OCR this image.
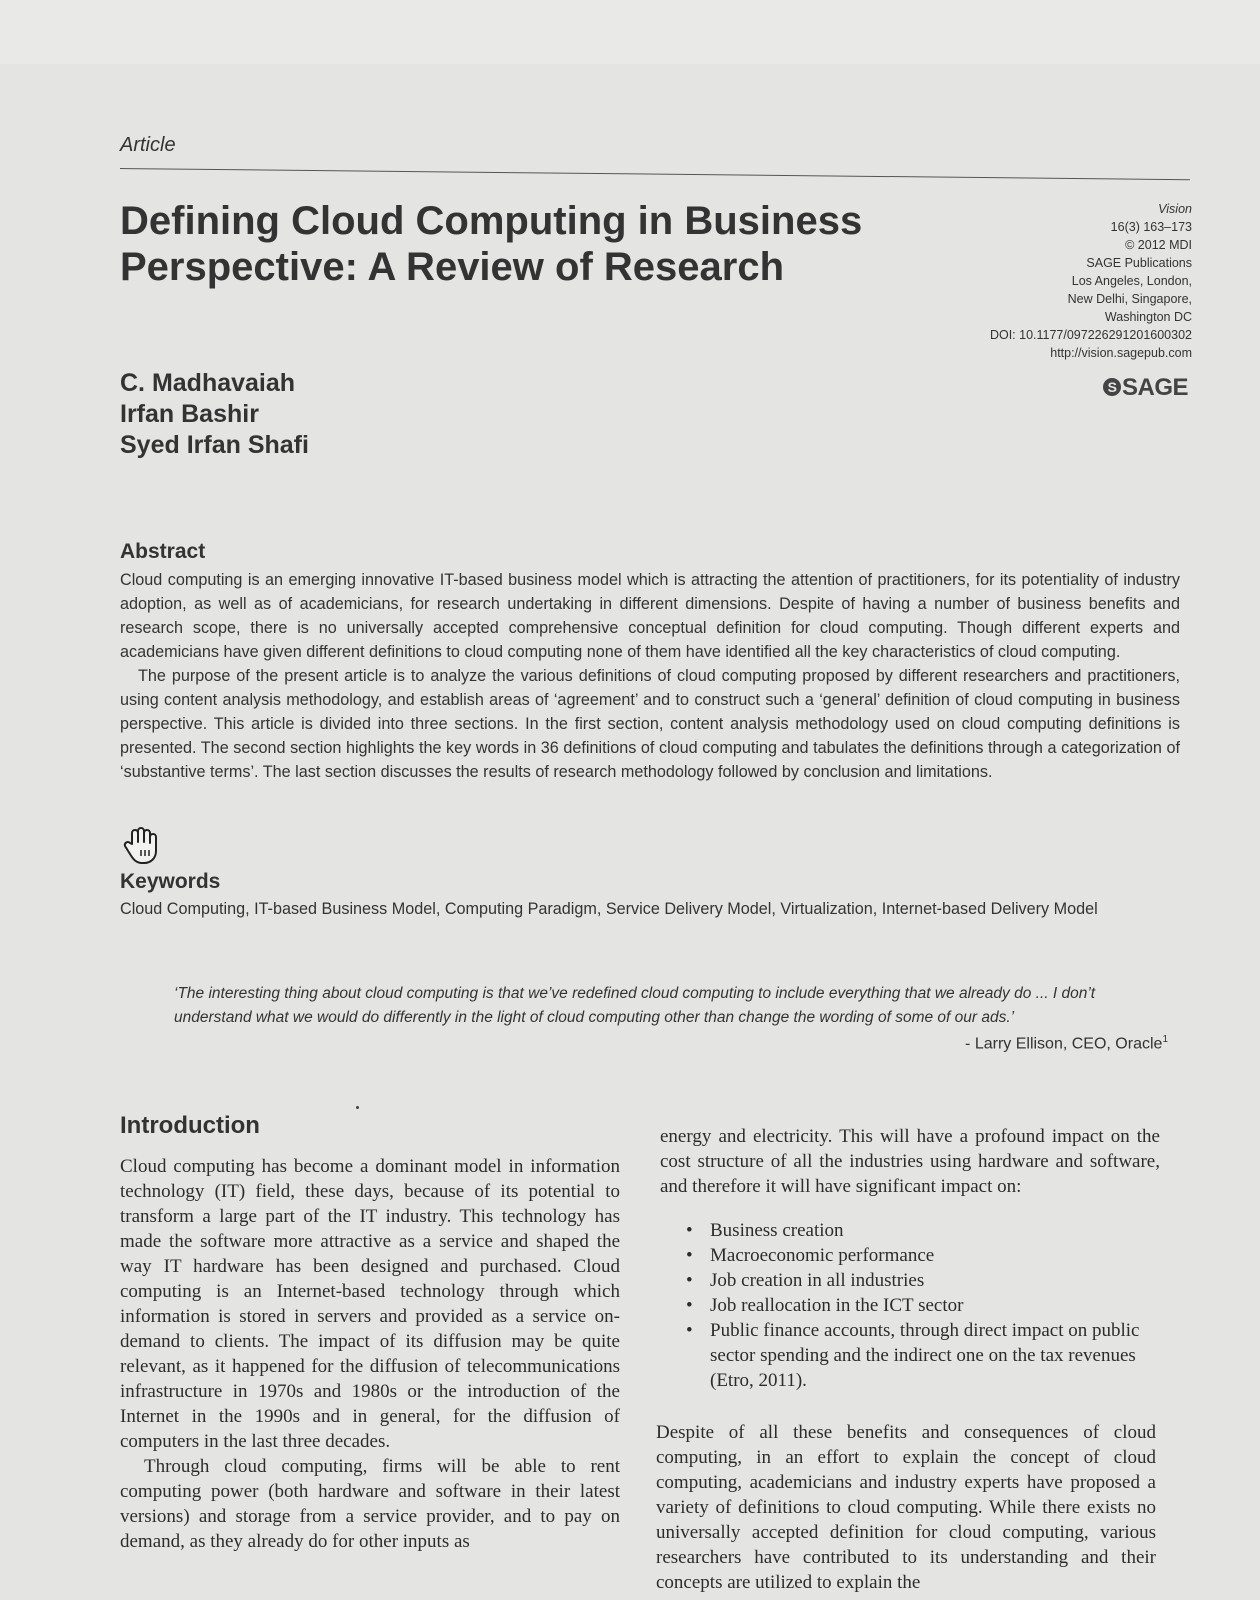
Article
Defining Cloud Computing in Business
Perspective: A Review of Research
Vision
16(3) 163–173
© 2012 MDI
SAGE Publications
Los Angeles, London,
New Delhi, Singapore,
Washington DC
DOI: 10.1177/097226291201600302
http://vision.sagepub.com
S SAGE
C. Madhavaiah
Irfan Bashir
Syed Irfan Shafi
Abstract

Cloud computing is an emerging innovative IT-based business model which is attracting the attention of practitioners, for its potentiality of industry adoption, as well as of academicians, for research undertaking in different dimensions. Despite of having a number of business benefits and research scope, there is no universally accepted comprehensive conceptual definition for cloud computing. Though different experts and academicians have given different definitions to cloud computing none of them have identified all the key characteristics of cloud computing.

The purpose of the present article is to analyze the various definitions of cloud computing proposed by different researchers and practitioners, using content analysis methodology, and establish areas of ‘agreement’ and to construct such a ‘general’ definition of cloud computing in business perspective. This article is divided into three sections. In the first section, content analysis methodology used on cloud computing definitions is presented. The second section highlights the key words in 36 definitions of cloud computing and tabulates the definitions through a categorization of ‘substantive terms’. The last section discusses the results of research methodology followed by conclusion and limitations.

Keywords
Cloud Computing, IT-based Business Model, Computing Paradigm, Service Delivery Model, Virtualization, Internet-based Delivery Model
‘The interesting thing about cloud computing is that we’ve redefined cloud computing to include everything that we already do ... I don’t understand what we would do differently in the light of cloud computing other than change the wording of some of our ads.’
- Larry Ellison, CEO, Oracle$^1$
Introduction

Cloud computing has become a dominant model in information technology (IT) field, these days, because of its potential to transform a large part of the IT industry. This technology has made the software more attractive as a service and shaped the way IT hardware has been designed and purchased. Cloud computing is an Internet-based technology through which information is stored in servers and provided as a service on-demand to clients. The impact of its diffusion may be quite relevant, as it happened for the diffusion of telecommunications infrastructure in 1970s and 1980s or the introduction of the Internet in the 1990s and in general, for the diffusion of computers in the last three decades.

Through cloud computing, firms will be able to rent computing power (both hardware and software in their latest versions) and storage from a service provider, and to pay on demand, as they already do for other inputs as

energy and electricity. This will have a profound impact on the cost structure of all the industries using hardware and software, and therefore it will have significant impact on:

• Business creation
• Macroeconomic performance
• Job creation in all industries
• Job reallocation in the ICT sector
• Public finance accounts, through direct impact on public sector spending and the indirect one on the tax revenues (Etro, 2011).

Despite of all these benefits and consequences of cloud computing, in an effort to explain the concept of cloud computing, academicians and industry experts have proposed a variety of definitions to cloud computing. While there exists no universally accepted definition for cloud computing, various researchers have contributed to its understanding and their concepts are utilized to explain the
